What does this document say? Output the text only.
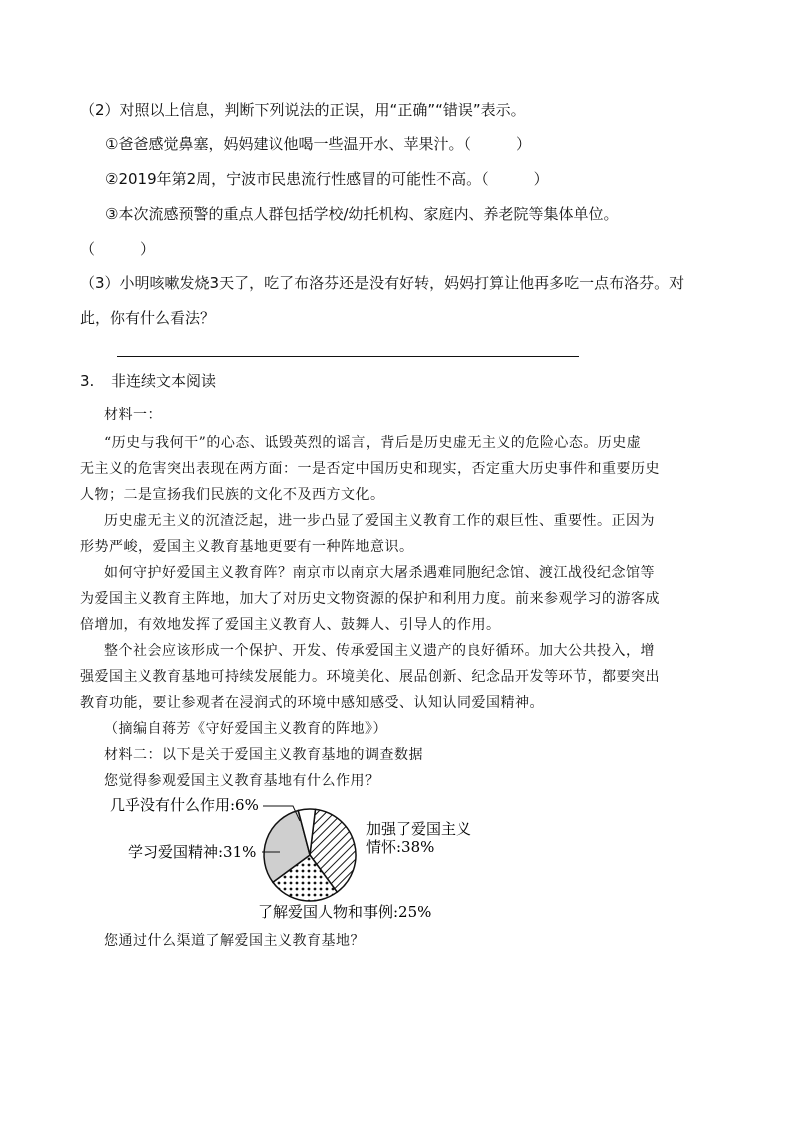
（2）对照以上信息，判断下列说法的正误，用“正确”“错误”表示。
①爸爸感觉鼻塞，妈妈建议他喝一些温开水、苹果汁。（　　　）
②2019年第2周，宁波市民患流行性感冒的可能性不高。（　　　）
③本次流感预警的重点人群包括学校/幼托机构、家庭内、养老院等集体单位。
（　　　）
（3）小明咳嗽发烧3天了，吃了布洛芬还是没有好转，妈妈打算让他再多吃一点布洛芬。对
此，你有什么看法？
3. 非连续文本阅读
材料一：
“历史与我何干”的心态、诋毁英烈的谣言，背后是历史虚无主义的危险心态。历史虚
无主义的危害突出表现在两方面：一是否定中国历史和现实，否定重大历史事件和重要历史
人物；二是宣扬我们民族的文化不及西方文化。
历史虚无主义的沉渣泛起，进一步凸显了爱国主义教育工作的艰巨性、重要性。正因为
形势严峻，爱国主义教育基地更要有一种阵地意识。
如何守护好爱国主义教育阵？南京市以南京大屠杀遇难同胞纪念馆、渡江战役纪念馆等
为爱国主义教育主阵地，加大了对历史文物资源的保护和利用力度。前来参观学习的游客成
倍增加，有效地发挥了爱国主义教育人、鼓舞人、引导人的作用。
整个社会应该形成一个保护、开发、传承爱国主义遗产的良好循环。加大公共投入，增
强爱国主义教育基地可持续发展能力。环境美化、展品创新、纪念品开发等环节，都要突出
教育功能，要让参观者在浸润式的环境中感知感受、认知认同爱国精神。
（摘编自蒋芳《守好爱国主义教育的阵地》）
材料二：以下是关于爱国主义教育基地的调查数据
您觉得参观爱国主义教育基地有什么作用？
几乎没有什么作用:6%
加强了爱国主义
情怀:38%
学习爱国精神:31%
了解爱国人物和事例:25%
您通过什么渠道了解爱国主义教育基地？
